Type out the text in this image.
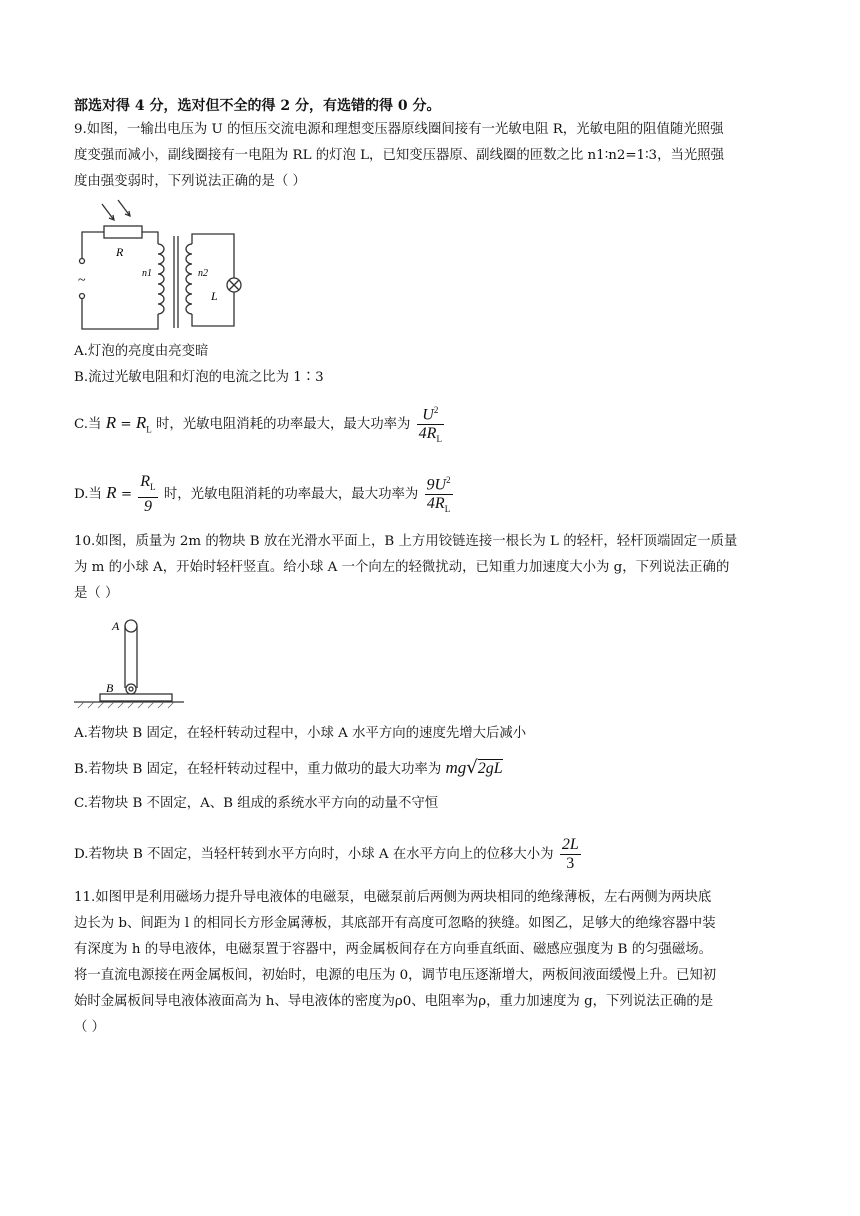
部选对得 4 分，选对但不全的得 2 分，有选错的得 0 分。
9.如图，一输出电压为 U 的恒压交流电源和理想变压器原线圈间接有一光敏电阻 R，光敏电阻的阻值随光照强
度变强而减小，副线圈接有一电阻为 RL 的灯泡 L，已知变压器原、副线圈的匝数之比 n1∶n2=1∶3，当光照强
度由强变弱时，下列说法正确的是（ ）
R
n1	n2
L
~
A.灯泡的亮度由亮变暗
B.流过光敏电阻和灯泡的电流之比为 1∶3
C.当 $R = R_L$ 时，光敏电阻消耗的功率最大，最大功率为 $\frac{U^2}{4R_L}$
D.当 $R = \frac{R_L}{9}$ 时，光敏电阻消耗的功率最大，最大功率为 $\frac{9U^2}{4R_L}$
10.如图，质量为 2m 的物块 B 放在光滑水平面上，B 上方用铰链连接一根长为 L 的轻杆，轻杆顶端固定一质量
为 m 的小球 A，开始时轻杆竖直。给小球 A 一个向左的轻微扰动，已知重力加速度大小为 g，下列说法正确的
是（ ）
A
B
A.若物块 B 固定，在轻杆转动过程中，小球 A 水平方向的速度先增大后减小
B.若物块 B 固定，在轻杆转动过程中，重力做功的最大功率为 mg√2gL
C.若物块 B 不固定，A、B 组成的系统水平方向的动量不守恒
D.若物块 B 不固定，当轻杆转到水平方向时，小球 A 在水平方向上的位移大小为 $\frac{2L}{3}$
11.如图甲是利用磁场力提升导电液体的电磁泵，电磁泵前后两侧为两块相同的绝缘薄板，左右两侧为两块底
边长为 b、间距为 l 的相同长方形金属薄板，其底部开有高度可忽略的狭缝。如图乙，足够大的绝缘容器中装
有深度为 h 的导电液体，电磁泵置于容器中，两金属板间存在方向垂直纸面、磁感应强度为 B 的匀强磁场。
将一直流电源接在两金属板间，初始时，电源的电压为 0，调节电压逐渐增大，两板间液面缓慢上升。已知初
始时金属板间导电液体液面高为 h、导电液体的密度为ρ0、电阻率为ρ，重力加速度为 g，下列说法正确的是
（ ）
